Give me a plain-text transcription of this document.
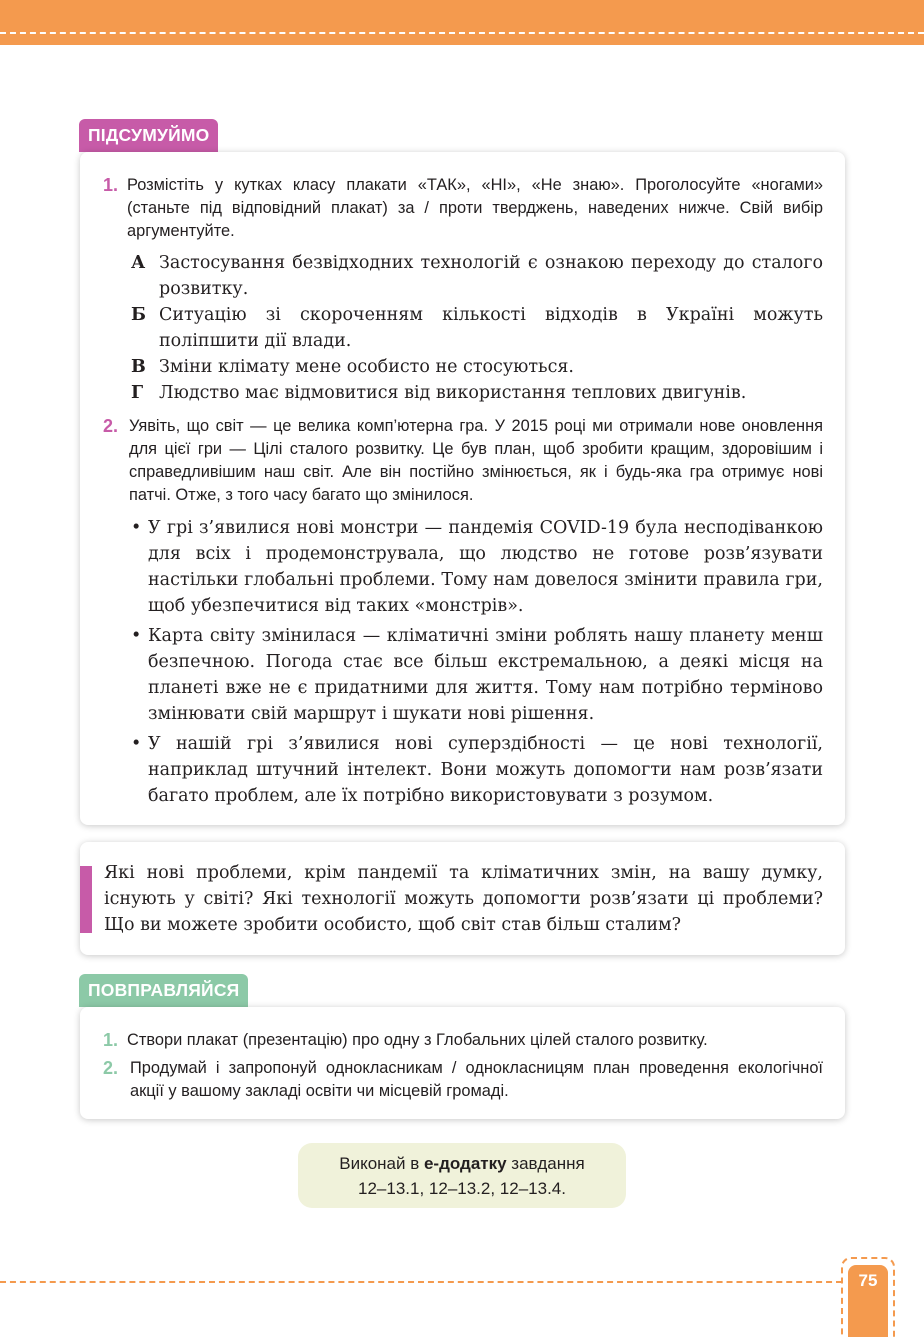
ПІДСУМУЙМО
1. Розмістіть у кутках класу плакати «ТАК», «НІ», «Не знаю». Проголосуйте «ногами» (станьте під відповідний плакат) за / проти тверджень, наведених нижче. Свій вибір аргументуйте.
А Застосування безвідходних технологій є ознакою переходу до сталого розвитку.
Б Ситуацію зі скороченням кількості відходів в Україні можуть поліпшити дії влади.
В Зміни клімату мене особисто не стосуються.
Г Людство має відмовитися від використання теплових двигунів.
2. Уявіть, що світ — це велика комп’ютерна гра. У 2015 році ми отримали нове оновлення для цієї гри — Цілі сталого розвитку. Це був план, щоб зробити кращим, здоровішим і справедливішим наш світ. Але він постійно змінюється, як і будь-яка гра отримує нові патчі. Отже, з того часу багато що змінилося.
• У грі з’явилися нові монстри — пандемія COVID-19 була несподіванкою для всіх і продемонструвала, що людство не готове розв’язувати настільки глобальні проблеми. Тому нам довелося змінити правила гри, щоб убезпечитися від таких «монстрів».
• Карта світу змінилася — кліматичні зміни роблять нашу планету менш безпечною. Погода стає все більш екстремальною, а деякі місця на планеті вже не є придатними для життя. Тому нам потрібно терміново змінювати свій маршрут і шукати нові рішення.
• У нашій грі з’явилися нові суперздібності — це нові технології, наприклад штучний інтелект. Вони можуть допомогти нам розв’язати багато проблем, але їх потрібно використовувати з розумом.
Які нові проблеми, крім пандемії та кліматичних змін, на вашу думку, існують у світі? Які технології можуть допомогти розв’язати ці проблеми? Що ви можете зробити особисто, щоб світ став більш сталим?
ПОВПРАВЛЯЙСЯ
1. Створи плакат (презентацію) про одну з Глобальних цілей сталого розвитку.
2. Продумай і запропонуй однокласникам / однокласницям план проведення екологічної акції у вашому закладі освіти чи місцевій громаді.
Виконай в е-додатку завдання
12–13.1, 12–13.2, 12–13.4.
75
